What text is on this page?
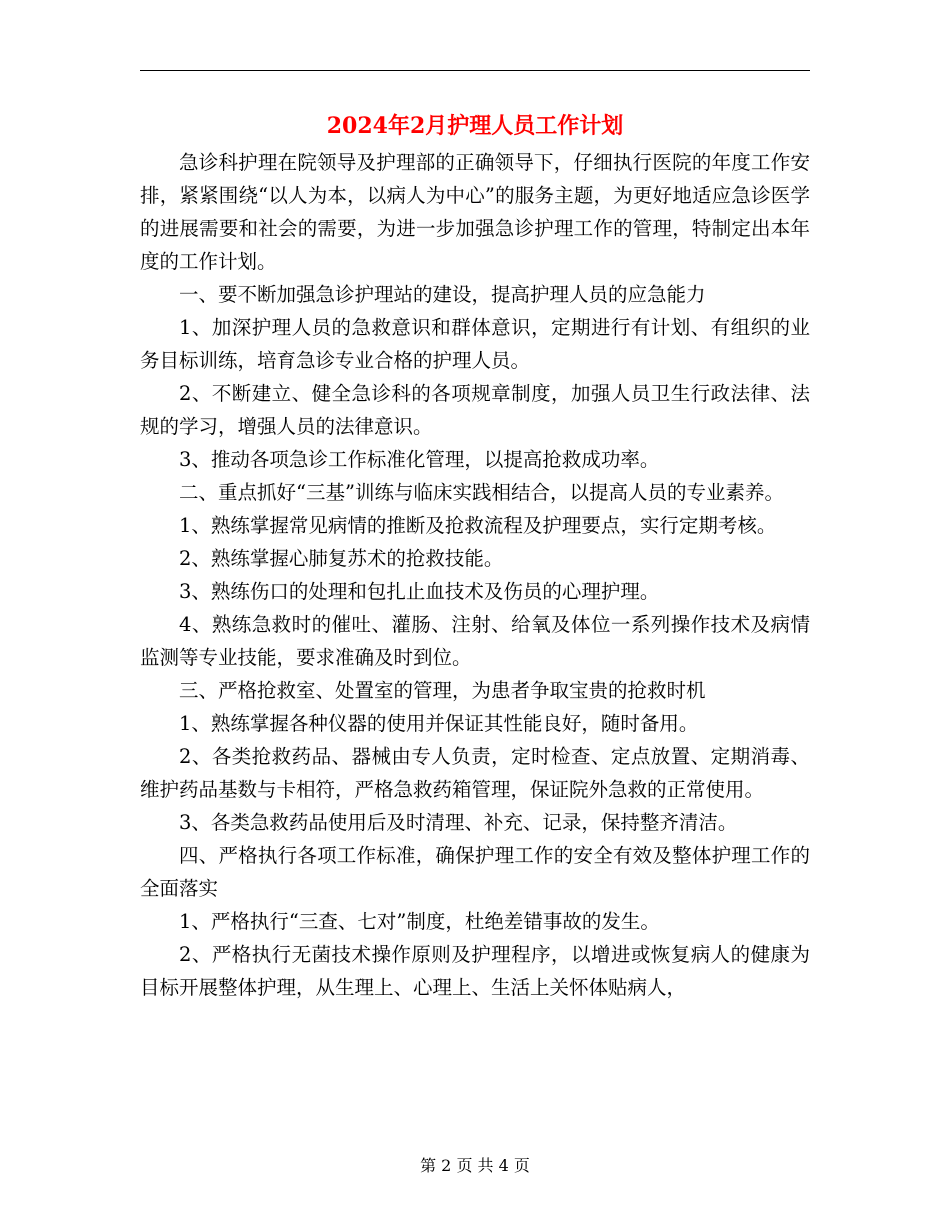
2024年2月护理人员工作计划

急诊科护理在院领导及护理部的正确领导下，仔细执行医院的年度工作安排，紧紧围绕“以人为本，以病人为中心”的服务主题，为更好地适应急诊医学的进展需要和社会的需要，为进一步加强急诊护理工作的管理，特制定出本年度的工作计划。

一、要不断加强急诊护理站的建设，提高护理人员的应急能力

1、加深护理人员的急救意识和群体意识，定期进行有计划、有组织的业务目标训练，培育急诊专业合格的护理人员。

2、不断建立、健全急诊科的各项规章制度，加强人员卫生行政法律、法规的学习，增强人员的法律意识。

3、推动各项急诊工作标准化管理，以提高抢救成功率。

二、重点抓好“三基”训练与临床实践相结合，以提高人员的专业素养。

1、熟练掌握常见病情的推断及抢救流程及护理要点，实行定期考核。

2、熟练掌握心肺复苏术的抢救技能。

3、熟练伤口的处理和包扎止血技术及伤员的心理护理。

4、熟练急救时的催吐、灌肠、注射、给氧及体位一系列操作技术及病情监测等专业技能，要求准确及时到位。

三、严格抢救室、处置室的管理，为患者争取宝贵的抢救时机

1、熟练掌握各种仪器的使用并保证其性能良好，随时备用。

2、各类抢救药品、器械由专人负责，定时检查、定点放置、定期消毒、维护药品基数与卡相符，严格急救药箱管理，保证院外急救的正常使用。

3、各类急救药品使用后及时清理、补充、记录，保持整齐清洁。

四、严格执行各项工作标准，确保护理工作的安全有效及整体护理工作的全面落实

1、严格执行“三查、七对”制度，杜绝差错事故的发生。

2、严格执行无菌技术操作原则及护理程序，以增进或恢复病人的健康为目标开展整体护理，从生理上、心理上、生活上关怀体贴病人，

第 2 页 共 4 页
